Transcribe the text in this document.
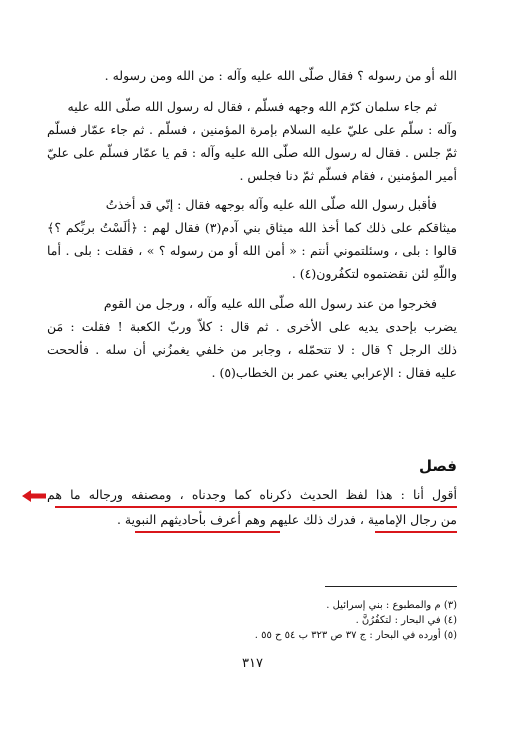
الله أو من رسوله ؟ فقال صلّى الله عليه وآله : من الله ومن رسوله .
ثم جاء سلمان كرّم الله وجهه فسلّم ، فقال له رسول الله صلّى الله عليه
وآله : سلّم على عليّ عليه السلام بإمرة المؤمنين ، فسلّم . ثم جاء عمّار فسلّم
ثمّ جلس . فقال له رسول الله صلّى الله عليه وآله : قم يا عمّار فسلّم على عليّ
أمير المؤمنين ، فقام فسلّم ثمّ دنا فجلس .
فأقبل رسول الله صلّى الله عليه وآله بوجهه فقال : إنّي قد أخذتُ
ميثاقكم على ذلك كما أخذ الله ميثاق بني آدم(٣) فقال لهم : ﴿ألَسْتُ بربِّكم ؟﴾
قالوا : بلى ، وسئلتموني أنتم : « أمن الله أو من رسوله ؟ » ، فقلت : بلى . أما
واللّهِ لئن نقضتموه لتكفُرون(٤) .
فخرجوا من عند رسول الله صلّى الله عليه وآله ، ورجل من القوم
يضرب بإحدى يديه على الأخرى . ثم قال : كلاّ وربّ الكعبة ! فقلت : مَن
ذلك الرجل ؟ قال : لا تتحمّله ، وجابر من خلفي يغمزُني أن سله . فألححت
عليه فقال : الإعرابي يعني عمر بن الخطاب(٥) .
فصل
أقول أنا : هذا لفظ الحديث ذكرناه كما وجدناه ، ومصنفه ورجاله ما هم
من رجال الإمامية ، فدرك ذلك عليهم وهم أعرف بأحاديثهم النبوية .
(٣) م والمطبوع : بني إسرائيل .
(٤) في البحار : لتكفُرُنَّ .
(٥) أورده في البحار : ج ٣٧ ص ٣٢٣ ب ٥٤ ح ٥٥ .
٣١٧
